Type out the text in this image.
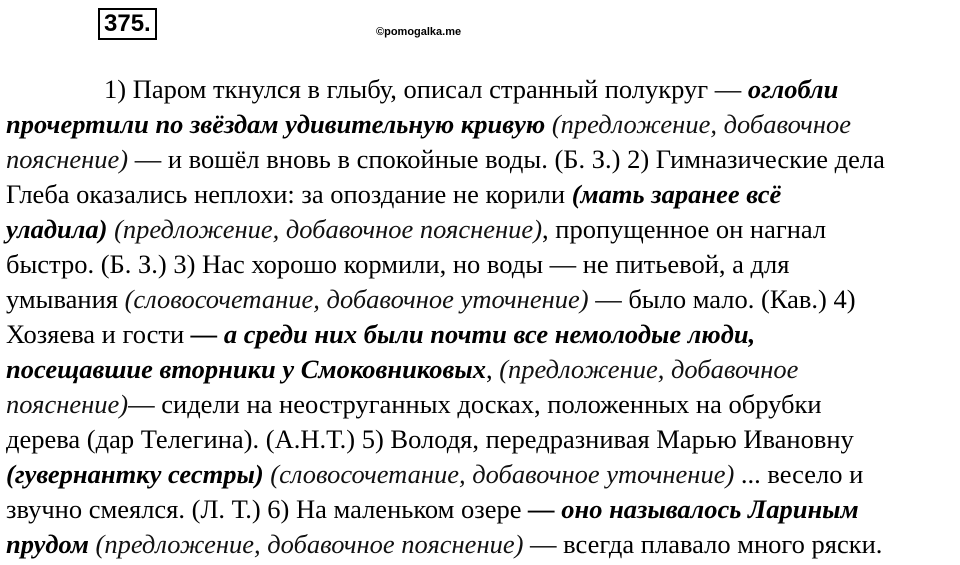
375.	©pomogalka.me
1) Паром ткнулся в глыбу, описал странный полукруг — оглобли
прочертили по звёздам удивительную кривую (предложение, добавочное
пояснение) — и вошёл вновь в спокойные воды. (Б. З.) 2) Гимназические дела
Глеба оказались неплохи: за опоздание не корили (мать заранее всё
уладила) (предложение, добавочное пояснение), пропущенное он нагнал
быстро. (Б. З.) 3) Нас хорошо кормили, но воды — не питьевой, а для
умывания (словосочетание, добавочное уточнение) — было мало. (Кав.) 4)
Хозяева и гости — а среди них были почти все немолодые люди,
посещавшие вторники у Смоковниковых, (предложение, добавочное
пояснение)— сидели на неоструганных досках, положенных на обрубки
дерева (дар Телегина). (А.Н.Т.) 5) Володя, передразнивая Марью Ивановну
(гувернантку сестры) (словосочетание, добавочное уточнение) ... весело и
звучно смеялся. (Л. Т.) 6) На маленьком озере — оно называлось Лариным
прудом (предложение, добавочное пояснение) — всегда плавало много ряски.
